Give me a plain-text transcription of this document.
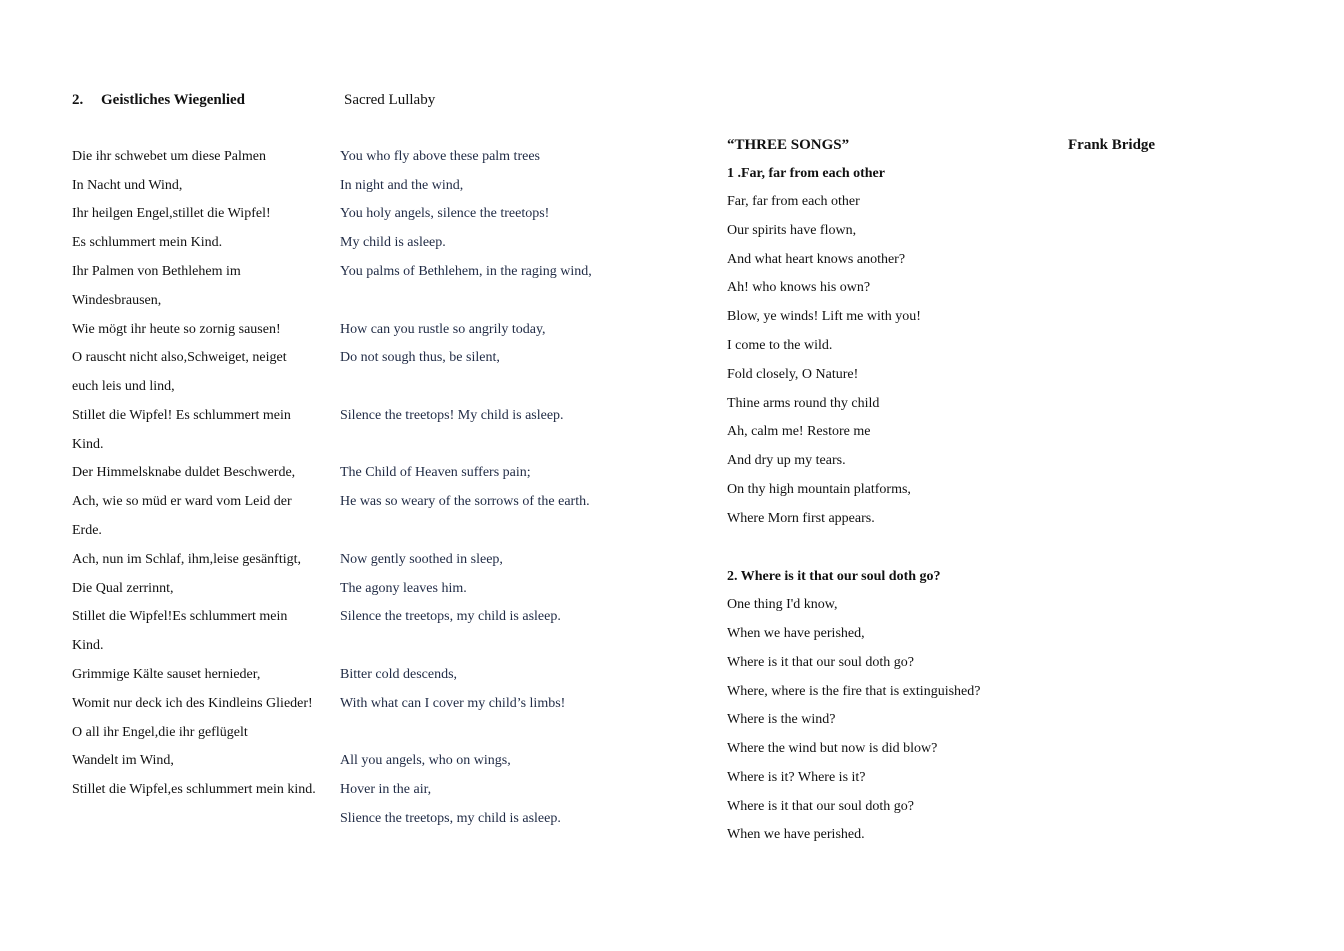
2. Geistliches Wiegenlied	Sacred Lullaby
Die ihr schwebet um diese Palmen
In Nacht und Wind,
Ihr heilgen Engel,stillet die Wipfel!
Es schlummert mein Kind.
Ihr Palmen von Bethlehem im
Windesbrausen,
Wie mögt ihr heute so zornig sausen!
O rauscht nicht also,Schweiget, neiget
euch leis und lind,
Stillet die Wipfel! Es schlummert mein
Kind.
Der Himmelsknabe duldet Beschwerde,
Ach, wie so müd er ward vom Leid der
Erde.
Ach, nun im Schlaf, ihm,leise gesänftigt,
Die Qual zerrinnt,
Stillet die Wipfel!Es schlummert mein
Kind.
Grimmige Kälte sauset hernieder,
Womit nur deck ich des Kindleins Glieder!
O all ihr Engel,die ihr geflügelt
Wandelt im Wind,
Stillet die Wipfel,es schlummert mein kind.
You who fly above these palm trees
In night and the wind,
You holy angels, silence the treetops!
My child is asleep.
You palms of Bethlehem, in the raging wind,
How can you rustle so angrily today,
Do not sough thus, be silent,
Silence the treetops! My child is asleep.
The Child of Heaven suffers pain;
He was so weary of the sorrows of the earth.
Now gently soothed in sleep,
The agony leaves him.
Silence the treetops, my child is asleep.
Bitter cold descends,
With what can I cover my child’s limbs!
All you angels, who on wings,
Hover in the air,
Slience the treetops, my child is asleep.
“THREE SONGS”	Frank Bridge
1 .Far, far from each other
Far, far from each other
Our spirits have flown,
And what heart knows another?
Ah! who knows his own?
Blow, ye winds! Lift me with you!
I come to the wild.
Fold closely, O Nature!
Thine arms round thy child
Ah, calm me! Restore me
And dry up my tears.
On thy high mountain platforms,
Where Morn first appears.
2. Where is it that our soul doth go?
One thing I'd know,
When we have perished,
Where is it that our soul doth go?
Where, where is the fire that is extinguished?
Where is the wind?
Where the wind but now is did blow?
Where is it? Where is it?
Where is it that our soul doth go?
When we have perished.
